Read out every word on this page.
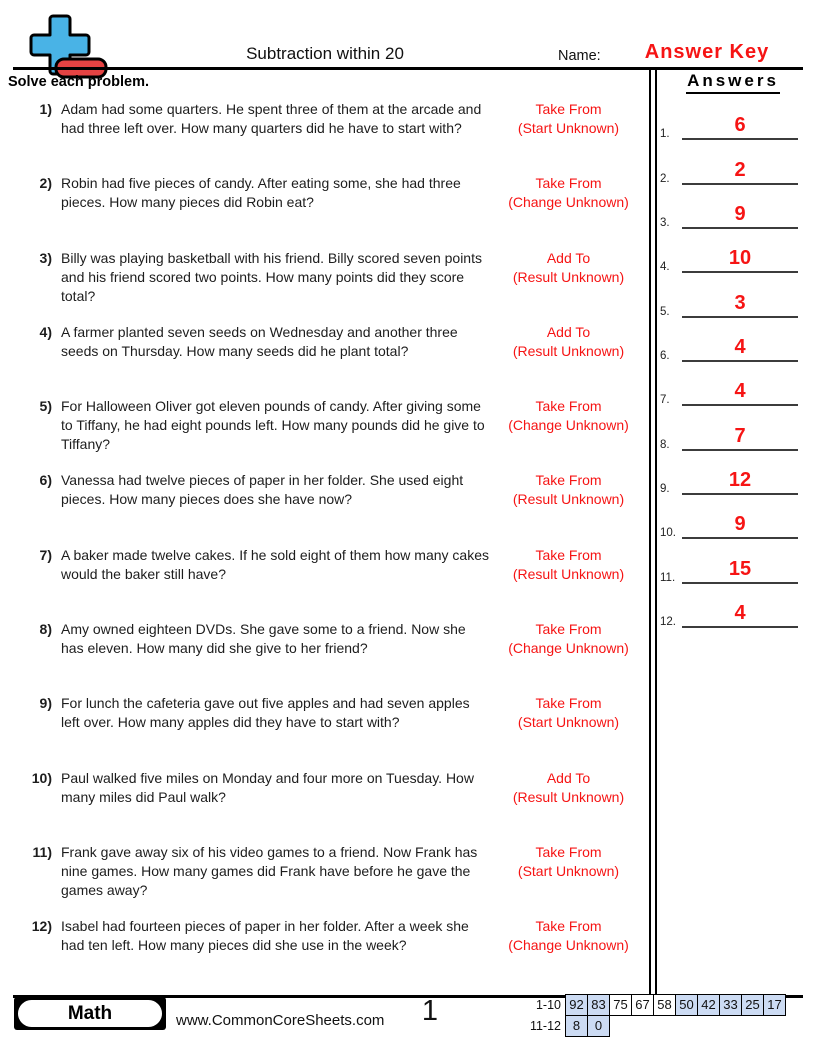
Subtraction within 20	Name:	Answer Key
Solve each problem.
1) Adam had some quarters. He spent three of them at the arcade and had three left over. How many quarters did he have to start with?
Take From
(Start Unknown)
2) Robin had five pieces of candy. After eating some, she had three pieces. How many pieces did Robin eat?
Take From
(Change Unknown)
3) Billy was playing basketball with his friend. Billy scored seven points and his friend scored two points. How many points did they score total?
Add To
(Result Unknown)
4) A farmer planted seven seeds on Wednesday and another three seeds on Thursday. How many seeds did he plant total?
Add To
(Result Unknown)
5) For Halloween Oliver got eleven pounds of candy. After giving some to Tiffany, he had eight pounds left. How many pounds did he give to Tiffany?
Take From
(Change Unknown)
6) Vanessa had twelve pieces of paper in her folder. She used eight pieces. How many pieces does she have now?
Take From
(Result Unknown)
7) A baker made twelve cakes. If he sold eight of them how many cakes would the baker still have?
Take From
(Result Unknown)
8) Amy owned eighteen DVDs. She gave some to a friend. Now she has eleven. How many did she give to her friend?
Take From
(Change Unknown)
9) For lunch the cafeteria gave out five apples and had seven apples left over. How many apples did they have to start with?
Take From
(Start Unknown)
10) Paul walked five miles on Monday and four more on Tuesday. How many miles did Paul walk?
Add To
(Result Unknown)
11) Frank gave away six of his video games to a friend. Now Frank has nine games. How many games did Frank have before he gave the games away?
Take From
(Start Unknown)
12) Isabel had fourteen pieces of paper in her folder. After a week she had ten left. How many pieces did she use in the week?
Take From
(Change Unknown)
Answers
1.	6
2.	2
3.	9
4.	10
5.	3
6.	4
7.	4
8.	7
9.	12
10.	9
11.	15
12.	4
Math	www.CommonCoreSheets.com	1	1-10 92 83 75 67 58 50 42 33 25 17
11-12 8	0
